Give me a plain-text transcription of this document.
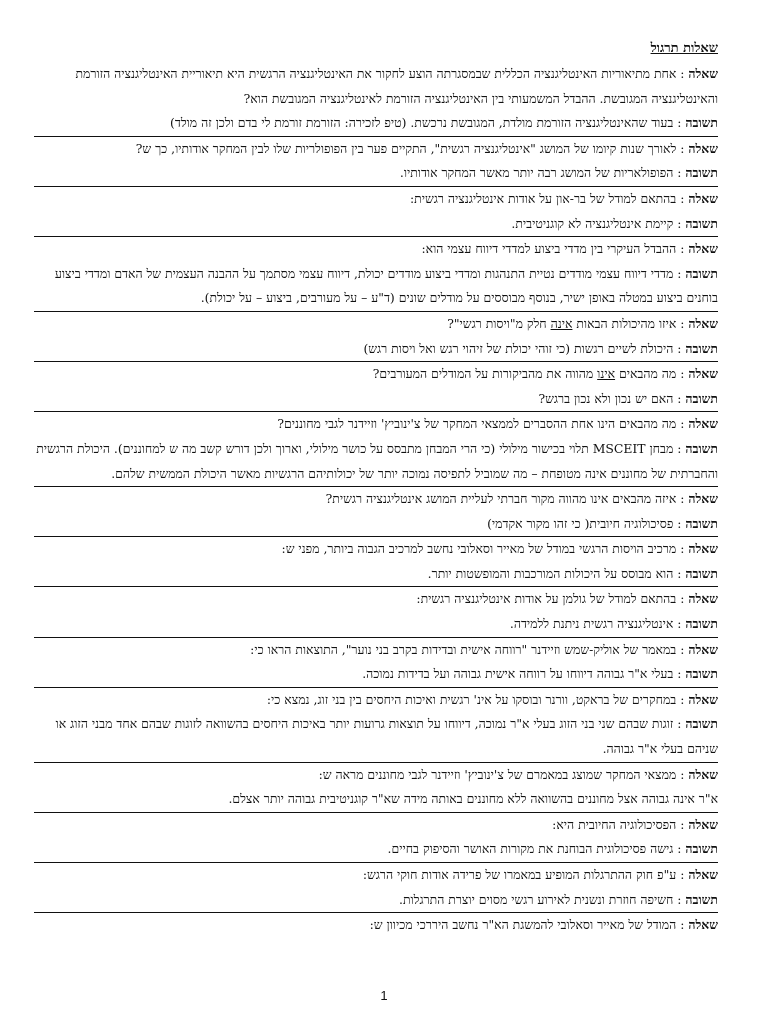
שאלות תרגול

שאלה : אחת מתיאוריות האינטליגנציה הכללית שבמסגרתה הוצע לחקור את האינטליגנציה הרגשית היא תיאוריית האינטליגנציה הזורמת והאינטליגנציה המגובשת. ההבדל המשמעותי בין האינטליגנציה הזורמת לאינטליגנציה המגובשת הוא?

תשובה : בעוד שהאינטליגנציה הזורמת מולדת, המגובשת נרכשת. (טיפ לזכירה: הזורמת זורמת לי בדם ולכן זה מולד)

שאלה : לאורך שנות קיומו של המושג "אינטליגנציה רגשית", התקיים פער בין הפופולריות שלו לבין המחקר אודותיו, כך ש?

תשובה : הפופולאריות של המושג רבה יותר מאשר המחקר אודותיו.

שאלה : בהתאם למודל של בר-און על אודות אינטליגנציה רגשית:

תשובה : קיימת אינטליגנציה לא קוגניטיבית.

שאלה : ההבדל העיקרי בין מדדי ביצוע למדדי דיווח עצמי הוא:

תשובה : מדדי דיווח עצמי מודדים נטיית התנהגות ומדדי ביצוע מודדים יכולת, דיווח עצמי מסתמך על ההבנה העצמית של האדם ומדדי ביצוע בוחנים ביצוע במטלה באופן ישיר, בנוסף מבוססים על מודלים שונים (ד"ע – על מעורבים, ביצוע – על יכולת).

שאלה : איזו מהיכולות הבאות אינה חלק מ"ויסות רגשי"?

תשובה : היכולת לשיים רגשות (כי זוהי יכולת של זיהוי רגש ואל ויסות רגש)

שאלה : מה מהבאים אינו מהווה את מהביקורות על המודלים המעורבים?

תשובה : האם יש נכון ולא נכון ברגש?

שאלה : מה מהבאים הינו אחת ההסברים לממצאי המחקר של צ'ינוביץ' וזיידנר לגבי מחוננים?

תשובה : מבחן MSCEIT תלוי בכישור מילולי (כי הרי המבחן מתבסס על כושר מילולי, וארוך ולכן דורש קשב מה ש למחוננים). היכולת הרגשית והחברתית של מחוננים אינה מטופחת – מה שמוביל לתפיסה נמוכה יותר של יכולותיהם הרגשיות מאשר היכולת הממשית שלהם.

שאלה : איזה מהבאים אינו מהווה מקור חברתי לעליית המושג אינטליגנציה רגשית?

תשובה : פסיכולוגיה חיובית( כי זהו מקור אקדמי)

שאלה : מרכיב הויסות הרגשי במודל של מאייר וסאלובי נחשב למרכיב הגבוה ביותר, מפני ש:

תשובה : הוא מבוסס על היכולות המורכבות והמופשטות יותר.

שאלה : בהתאם למודל של גולמן על אודות אינטליגנציה רגשית:

תשובה : אינטליגנציה רגשית ניתנת ללמידה.

שאלה : במאמר של אוליק-שמש וזיידנר "רווחה אישית ובדידות בקרב בני נוער", התוצאות הראו כי:

תשובה : בעלי א"ר גבוהה דיווחו על רווחה אישית גבוהה ועל בדידות נמוכה.

שאלה : במחקרים של בראקט, וורנר ובוסקו על אינ' רגשית ואיכות היחסים בין בני זוג, נמצא כי:

תשובה : זוגות שבהם שני בני הזוג בעלי א"ר נמוכה, דיווחו על תוצאות גרועות יותר באיכות היחסים בהשוואה לזוגות שבהם אחד מבני הזוג או שניהם בעלי א"ר גבוהה.

שאלה : ממצאי המחקר שמוצג במאמרם של צ'ינוביץ' וזיידנר לגבי מחוננים מראה ש:

א"ר אינה גבוהה אצל מחוננים בהשוואה ללא מחוננים באותה מידה שא"ר קוגניטיבית גבוהה יותר אצלם.

שאלה : הפסיכולוגיה החיובית היא:

תשובה : גישה פסיכולוגית הבוחנת את מקורות האושר והסיפוק בחיים.

שאלה : ע"פ חוק ההתרגלות המופיע במאמרו של פרידה אודות חוקי הרגש:

תשובה : חשיפה חוזרת ונשנית לאירוע רגשי מסוים יוצרת התרגלות.

שאלה : המודל של מאייר וסאלובי להמשגת הא"ר נחשב היררכי מכיוון ש:

1
